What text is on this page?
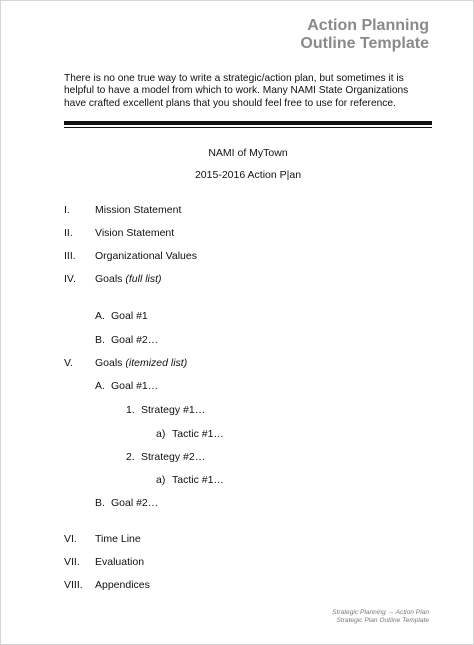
Action Planning
Outline Template
There is no one true way to write a strategic/action plan, but sometimes it is helpful to have a model from which to work. Many NAMI State Organizations have crafted excellent plans that you should feel free to use for reference.
NAMI of MyTown
2015-2016 Action P|an
I. Mission Statement
II. Vision Statement
III. Organizational Values
IV. Goals (full list)
A. Goal #1
B. Goal #2…
V. Goals (itemized list)
A. Goal #1…
1. Strategy #1…
a) Tactic #1…
2. Strategy #2…
a) Tactic #1…
B. Goal #2…
VI. Time Line
VII. Evaluation
VIII. Appendices
Strategic Planning → Action Plan
Strategic Plan Outline Template
